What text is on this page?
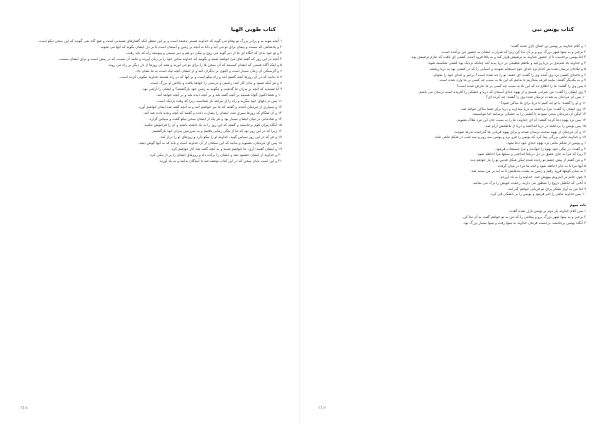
کتاب طوبی الهیا

۱ آنچه بتوبه به و برادر بزرگ تو پیغام می گوید که خداوند هستی دهنده است و بر این منظر آنکه گفتارهای شنیدنی است و هیچ گاه نمی گویند که این سخن نیکو است.

۲ و پادشاهی که نیست و پیمان برای تو می آید و دانا به آنچه بر زمین و آسمان است تا بر دل ایشان بگوید که آنها می شوند.

۳ و تو خود بدان که آنگاه ای ما از دیر گونه می روی و نیکی دو هم و دیر نیستی و پیوسته راه که باید رفت.

۴ آنچه در این روز که گفته های مرا خواهید شنید و بگویید که خداوند سخن خود را بر زبان آورده و مانند آن نیست که در پیش است و برای ایشان نیست.

۵ و اینک آگاه هستی که ایشان کیستند که آن سخن ها را برای تو می آورند و همه آن روزها از دل دیگر بر راه می روند.

۶ و گرسنگی آن زمان بسیار است و اکنون بر دیگران آمد و از ایشان آنچه نیک است به ما نشان داد.

۷ تا بدانید که در آن روزها آنچه گفتیم آمد و راه نیکو است و بر آنها که در راه هستند خداوند نیکویی کرده است.

۸ و هر آنکه شنود و بدان کار کند، راستی و درستی را خواهد یافت و پاداش او بزرگ است.

۹ آیا شنیدید که آنچه بر پدران ما گذشت و چگونه به زمین خود بازگشتند؟ و ایشان را آرامی بود.

۱۰ و شما اکنون گواه هستید بر آنچه گفته شد و بر آنچه دیده شد و بر آنچه خواهد آمد.

۱۱ پس در دلهای خود بنگرید و راه را از بیراهه باز شناسید، زیرا که وقت نزدیک است.

۱۲ و بسیاری از مردمان آمدند و گفتند که ما نیز خواهیم آمد و به آنچه گفته شد ایمان خواهیم آورد.

۱۳ و آن هنگام که روزها سپری شد، ایشان را بشارت دادند و گفتند که آنچه وعده داده شد آمد.

۱۴ و شادمانی در میان ایشان بسیار بود و هر یک از ایشان سخن نیکو گفت و سپاس گزارد.

۱۵ آنگاه پیران قوم برخاستند و گفتند که این روز را به یاد داشته باشید و آن را فراموش مکنید.

۱۶ زیرا که در این روز بود که ما از تنگی رهایی یافتیم و به سرزمین پدران خود بازگشتیم.

۱۷ و هر که در این روز سپاس گوید، خداوند او را نیکو دارد و روزهای او را دراز کند.

۱۸ پس ای مردمان، بشنوید و بدانید که این سخنان از آن خداوند است و باید که به آنها گوش دهید.

۱۹ و ایشان گفتند: آری، ما خواهیم شنید و به آنچه گفته شد کار خواهیم کرد.

۲۰ و خداوند از ایشان خشنود شد و ایشان را برکت داد و روزهای ایشان را پر از نیکی کرد.

۲۱ و این است پایان سخن که در این کتاب نوشته شد تا آیندگان بدانند و به یاد آورند.

718
کتاب یونس نبی

۱ و کلام خداوند بر یونس بن امتای نازل شده گفت:

۲ برخیز و به نینوا شهر بزرگ برو و بر آن ندا کن زیرا که شرارت ایشان به حضور من برآمده است.

۳ اما یونس برخاست تا از حضور خداوند به ترشیش فرار کند و به یافا فرود آمده، کشتی ای یافت که عازم ترشیش بود.

۴ و خداوند باد شدیدی بر دریا وزانید و تلاطم عظیمی در دریا پدید آمد چنانکه نزدیک بود کشتی شکسته شود.

۵ و ملاحان ترسان شده هر کدام نزد خدای خود استغاثه نمودند و اسبابی را که در کشتی بود به دریا ریختند.

۶ و ناخدای کشتی نزد وی آمده وی را گفت: ای خفته، تو را چه شده است؟ برخیز و خدای خود را بخوان.

۷ و به یکدیگر گفتند: بیایید قرعه بیندازیم تا بدانیم که این بلا به سبب چه کسی بر ما وارد شده است.

۸ پس وی را گفتند: ما را اطلاع ده که این بلا به سبب چه کسی بر ما عارض شده است؟

۹ وی ایشان را گفت: من عبرانی هستم و از یهوه خدای آسمان که دریا و خشکی را آفریده است ترسان می باشم.

۱۰ پس آن مردمان به شدت ترسان شده وی را گفتند: چه کرده ای؟

۱۱ و او را گفتند: با تو چه کنیم تا دریا برای ما ساکن شود؟

۱۲ وی ایشان را گفت: مرا برداشته به دریا بیندازید و دریا برای شما ساکن خواهد شد.

۱۳ لیکن آن مردمان سعی نمودند تا کشتی را به خشکی برسانند اما نتوانستند.

۱۴ پس نزد یهوه دعا کرده گفتند: آه ای خداوند، ما را به سبب جان این مرد هلاک نشویم.

۱۵ پس یونس را برداشته در دریا انداختند و دریا از تلاطمش آرام شد.

۱۶ و آن مردمان از یهوه سخت ترسان شدند و برای یهوه قربانی ها گذرانیده نذرها نمودند.

۱۷ و خداوند ماهی بزرگی پیدا کرد که یونس را فرو برد و یونس سه روز و سه شب در شکم ماهی ماند.

۱ و یونس از شکم ماهی نزد یهوه خدای خود دعا نمود.

۲ و گفت: در تنگی خود یهوه را خواندم و مرا مستجاب فرمود.

۳ زیرا که مرا به جای عمیق در دل دریاها انداختی و سیلها مرا احاطه نمود.

۴ و من گفتم از پیش چشم تو رانده شدم لیکن هیکل قدس تو را باز خواهم دید.

۵ آبها مرا تا به جان احاطه نمود و لجه ها مرا در میان گرفت.

۶ به بنیان کوهها فرود رفتم و زمین به پشت بندهایش تا به ابد بر من بسته شد.

۷ چون جانم در اندرونم بیهوش شد، خداوند را به یاد آوردم.

۸ آنانی که اباطیل دروغ را منظور می دارند، رحمت خویش را ترک می نمایند.

۹ اما من به آواز تشکر برای تو قربانی خواهم گذرانید.

۱۰ پس خداوند ماهی را امر فرمود و یونس را بر خشکی قی کرد.

باب سوم

۱ پس کلام خداوند بار دوم بر یونس نازل شده گفت:

۲ برخیز و به نینوا شهر بزرگ برو و پیغامی را که من به تو خواهم گفت به آن ندا کن.

۳ آنگاه یونس برخاسته، برحسب فرمان خداوند به نینوا رفت و نینوا بسیار بزرگ بود.

719
